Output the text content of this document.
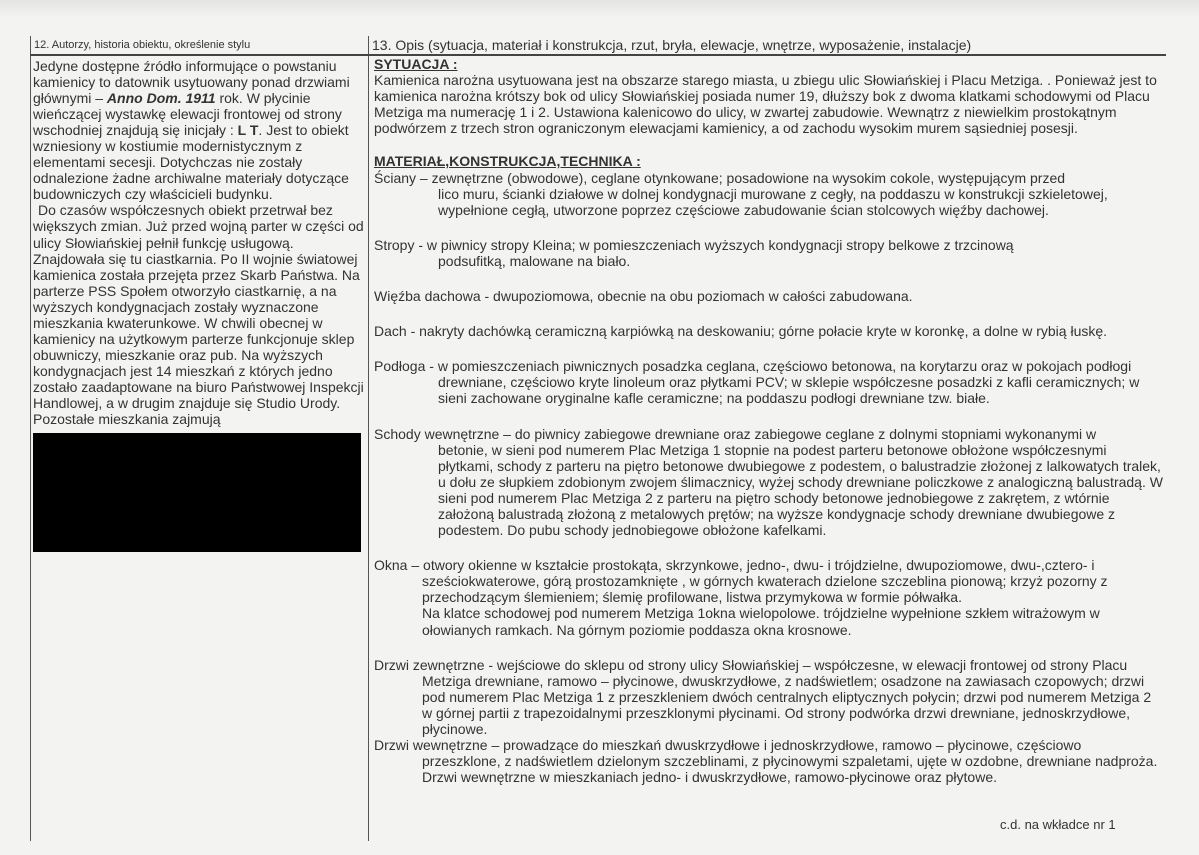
12. Autorzy, historia obiektu, określenie stylu	13. Opis (sytuacja, materiał i konstrukcja, rzut, bryła, elewacje, wnętrze, wyposażenie, instalacje)

Jedyne dostępne źródło informujące o powstaniu kamienicy to datownik usytuowany ponad drzwiami głównymi – Anno Dom. 1911 rok. W płycinie wieńczącej wystawkę elewacji frontowej od strony wschodniej znajdują się inicjały : L T. Jest to obiekt wzniesiony w kostiumie modernistycznym z elementami secesji. Dotychczas nie zostały odnalezione żadne archiwalne materiały dotyczące budowniczych czy właścicieli budynku.

Do czasów współczesnych obiekt przetrwał bez większych zmian. Już przed wojną parter w części od ulicy Słowiańskiej pełnił funkcję usługową. Znajdowała się tu ciastkarnia. Po II wojnie światowej kamienica została przejęta przez Skarb Państwa. Na parterze PSS Społem otworzyło ciastkarnię, a na wyższych kondygnacjach zostały wyznaczone mieszkania kwaterunkowe. W chwili obecnej w kamienicy na użytkowym parterze funkcjonuje sklep obuwniczy, mieszkanie oraz pub. Na wyższych kondygnacjach jest 14 mieszkań z których jedno zostało zaadaptowane na biuro Państwowej Inspekcji Handlowej, a w drugim znajduje się Studio Urody. Pozostałe mieszkania zajmują

SYTUACJA :

Kamienica narożna usytuowana jest na obszarze starego miasta, u zbiegu ulic Słowiańskiej i Placu Metziga. . Ponieważ jest to kamienica narożna krótszy bok od ulicy Słowiańskiej posiada numer 19, dłuższy bok z dwoma klatkami schodowymi od Placu Metziga ma numerację 1 i 2. Ustawiona kalenicowo do ulicy, w zwartej zabudowie. Wewnątrz z niewielkim prostokątnym podwórzem z trzech stron ograniczonym elewacjami kamienicy, a od zachodu wysokim murem sąsiedniej posesji.

MATERIAŁ,KONSTRUKCJA,TECHNIKA :

Ściany – zewnętrzne (obwodowe), ceglane otynkowane; posadowione na wysokim cokole, występującym przed
lico muru, ścianki działowe w dolnej kondygnacji murowane z cegły, na poddaszu w konstrukcji szkieletowej, wypełnione cegłą, utworzone poprzez częściowe zabudowanie ścian stolcowych więźby dachowej.
Stropy - w piwnicy stropy Kleina; w pomieszczeniach wyższych kondygnacji stropy belkowe z trzcinową
podsufitką, malowane na biało.

Więźba dachowa - dwupoziomowa, obecnie na obu poziomach w całości zabudowana.

Dach - nakryty dachówką ceramiczną karpiówką na deskowaniu; górne połacie kryte w koronkę, a dolne w rybią łuskę.

Podłoga - w pomieszczeniach piwnicznych posadzka ceglana, częściowo betonowa, na korytarzu oraz w pokojach podłogi
drewniane, częściowo kryte linoleum oraz płytkami PCV; w sklepie współczesne posadzki z kafli ceramicznych; w sieni zachowane oryginalne kafle ceramiczne; na poddaszu podłogi drewniane tzw. białe.
Schody wewnętrzne – do piwnicy zabiegowe drewniane oraz zabiegowe ceglane z dolnymi stopniami wykonanymi w
betonie, w sieni pod numerem Plac Metziga 1 stopnie na podest parteru betonowe obłożone współczesnymi płytkami, schody z parteru na piętro betonowe dwubiegowe z podestem, o balustradzie złożonej z lalkowatych tralek, u dołu ze słupkiem zdobionym zwojem ślimacznicy, wyżej schody drewniane policzkowe z analogiczną balustradą. W sieni pod numerem Plac Metziga 2 z parteru na piętro schody betonowe jednobiegowe z zakrętem, z wtórnie założoną balustradą złożoną z metalowych prętów; na wyższe kondygnacje schody drewniane dwubiegowe z podestem. Do pubu schody jednobiegowe obłożone kafelkami.
Okna – otwory okienne w kształcie prostokąta, skrzynkowe, jedno-, dwu- i trójdzielne, dwupoziomowe, dwu-,cztero- i
sześciokwaterowe, górą prostozamknięte , w górnych kwaterach dzielone szczeblina pionową; krzyż pozorny z przechodzącym ślemieniem; ślemię profilowane, listwa przymykowa w formie półwałka.
Na klatce schodowej pod numerem Metziga 1okna wielopolowe. trójdzielne wypełnione szkłem witrażowym w ołowianych ramkach. Na górnym poziomie poddasza okna krosnowe.
Drzwi zewnętrzne - wejściowe do sklepu od strony ulicy Słowiańskiej – współczesne, w elewacji frontowej od strony Placu
Metziga drewniane, ramowo – płycinowe, dwuskrzydłowe, z nadświetlem; osadzone na zawiasach czopowych; drzwi pod numerem Plac Metziga 1 z przeszkleniem dwóch centralnych eliptycznych połycin; drzwi pod numerem Metziga 2 w górnej partii z trapezoidalnymi przeszklonymi płycinami. Od strony podwórka drzwi drewniane, jednoskrzydłowe, płycinowe.
Drzwi wewnętrzne – prowadzące do mieszkań dwuskrzydłowe i jednoskrzydłowe, ramowo – płycinowe, częściowo
przeszklone, z nadświetlem dzielonym szczeblinami, z płycinowymi szpaletami, ujęte w ozdobne, drewniane nadproża. Drzwi wewnętrzne w mieszkaniach jedno- i dwuskrzydłowe, ramowo-płycinowe oraz płytowe.
c.d. na wkładce nr 1
